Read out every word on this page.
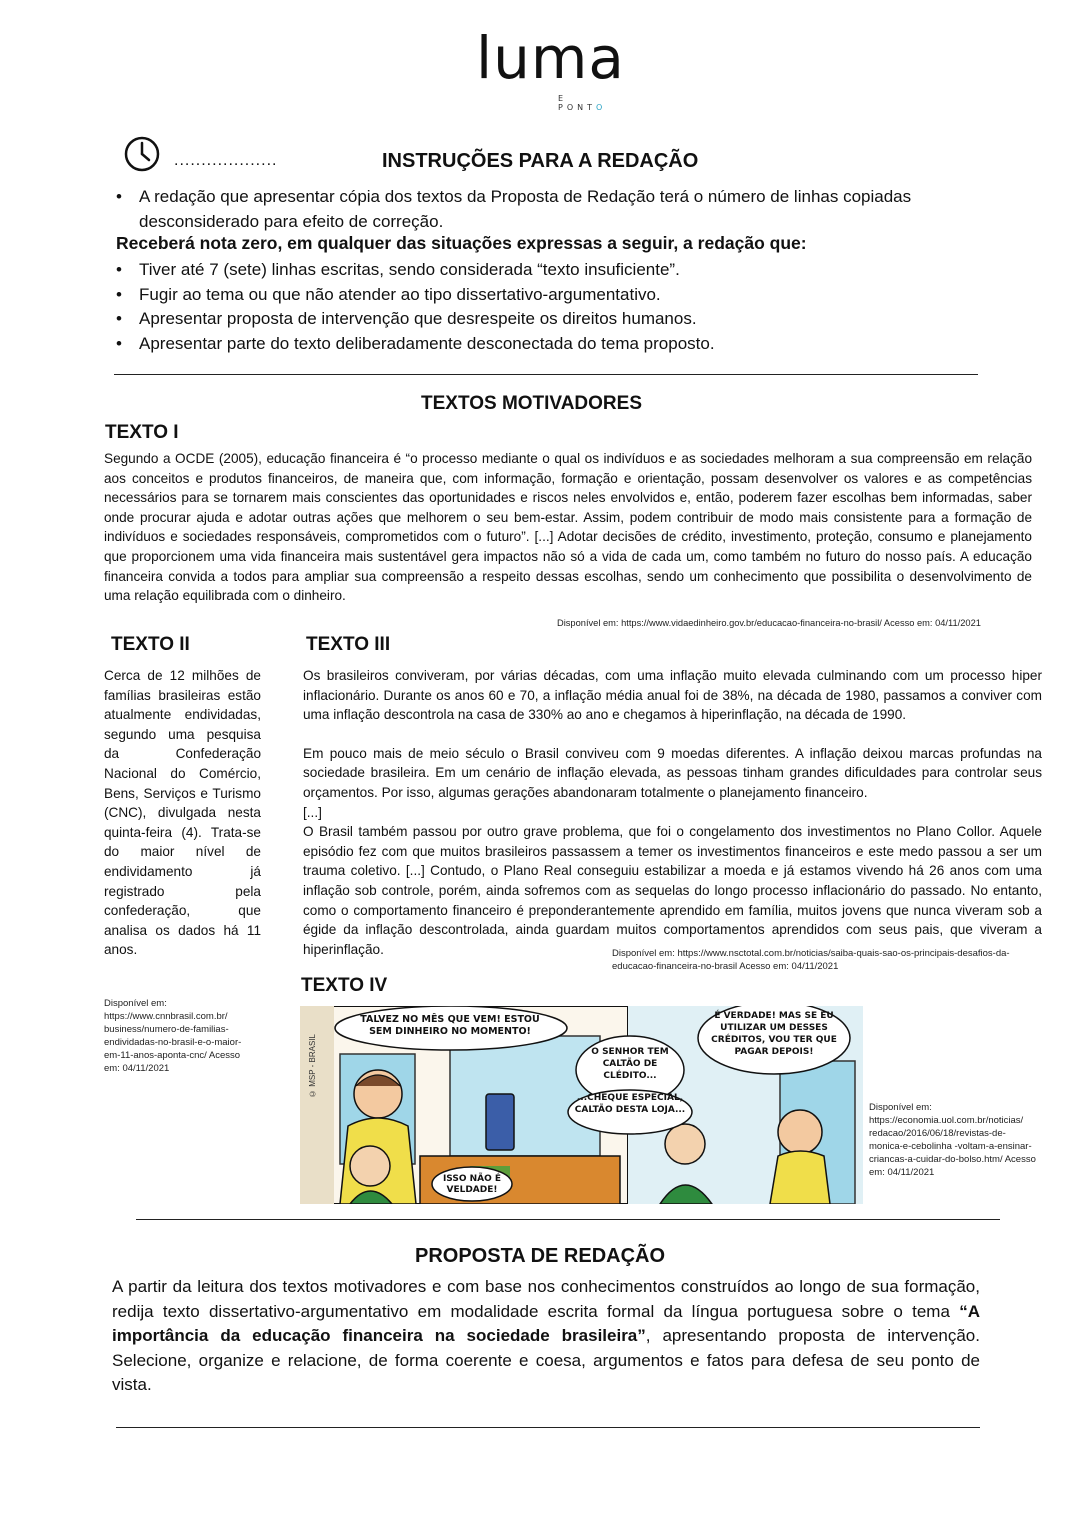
luma
E PONTO
...................	INSTRUÇÕES PARA A REDAÇÃO
• A redação que apresentar cópia dos textos da Proposta de Redação terá o número de linhas copiadas desconsiderado para efeito de correção.
Receberá nota zero, em qualquer das situações expressas a seguir, a redação que:
• Tiver até 7 (sete) linhas escritas, sendo considerada “texto insuficiente”.
• Fugir ao tema ou que não atender ao tipo dissertativo-argumentativo.
• Apresentar proposta de intervenção que desrespeite os direitos humanos.
• Apresentar parte do texto deliberadamente desconectada do tema proposto.
TEXTOS MOTIVADORES
TEXTO I
Segundo a OCDE (2005), educação financeira é “o processo mediante o qual os indivíduos e as sociedades melhoram a sua compreensão em relação aos conceitos e produtos financeiros, de maneira que, com informação, formação e orientação, possam desenvolver os valores e as competências necessários para se tornarem mais conscientes das oportunidades e riscos neles envolvidos e, então, poderem fazer escolhas bem informadas, saber onde procurar ajuda e adotar outras ações que melhorem o seu bem-estar. Assim, podem contribuir de modo mais consistente para a formação de indivíduos e sociedades responsáveis, comprometidos com o futuro”. [...] Adotar decisões de crédito, investimento, proteção, consumo e planejamento que proporcionem uma vida financeira mais sustentável gera impactos não só a vida de cada um, como também no futuro do nosso país. A educação financeira convida a todos para ampliar sua compreensão a respeito dessas escolhas, sendo um conhecimento que possibilita o desenvolvimento de uma relação equilibrada com o dinheiro.
Disponível em: https://www.vidaedinheiro.gov.br/educacao-financeira-no-brasil/ Acesso em: 04/11/2021
TEXTO II
Cerca de 12 milhões de famílias brasileiras estão atualmente endividadas, segundo uma pesquisa da Confederação Nacional do Comércio, Bens, Serviços e Turismo (CNC), divulgada nesta quinta-feira (4). Trata-se do maior nível de endividamento já registrado pela confederação, que analisa os dados há 11 anos.
Disponível em: https://www.cnnbrasil.com.br/ business/numero-de-familias-endividadas-no-brasil-e-o-maior-em-11-anos-aponta-cnc/ Acesso em: 04/11/2021
TEXTO III
Os brasileiros conviveram, por várias décadas, com uma inflação muito elevada culminando com um processo hiper inflacionário. Durante os anos 60 e 70, a inflação média anual foi de 38%, na década de 1980, passamos a conviver com uma inflação descontrola na casa de 330% ao ano e chegamos à hiperinflação, na década de 1990.
Em pouco mais de meio século o Brasil conviveu com 9 moedas diferentes. A inflação deixou marcas profundas na sociedade brasileira. Em um cenário de inflação elevada, as pessoas tinham grandes dificuldades para controlar seus orçamentos. Por isso, algumas gerações abandonaram totalmente o planejamento financeiro.
[...]
O Brasil também passou por outro grave problema, que foi o congelamento dos investimentos no Plano Collor. Aquele episódio fez com que muitos brasileiros passassem a temer os investimentos financeiros e este medo passou a ser um trauma coletivo. [...] Contudo, o Plano Real conseguiu estabilizar a moeda e já estamos vivendo há 26 anos com uma inflação sob controle, porém, ainda sofremos com as sequelas do longo processo inflacionário do passado. No entanto, como o comportamento financeiro é preponderantemente aprendido em família, muitos jovens que nunca viveram sob a égide da inflação descontrolada, ainda guardam muitos comportamentos aprendidos com seus pais, que viveram a hiperinflação.	Disponível em: https://www.nsctotal.com.br/noticias/saiba-quais-sao-os-principais-desafios-da-educacao-financeira-no-brasil Acesso em: 04/11/2021
TEXTO IV
© MSP - BRASIL
TALVEZ NO MÊS QUE VEM! ESTOU SEM DINHEIRO NO MOMENTO!
ISSO NÃO É VELDADE!
O SENHOR TEM CALTÃO DE CLÉDITO...
...CHEQUE ESPECIAL, CALTÃO DESTA LOJA...
É VERDADE! MAS SE EU UTILIZAR UM DESSES CRÉDITOS, VOU TER QUE PAGAR DEPOIS!
Disponível em: https://economia.uol.com.br/noticias/ redacao/2016/06/18/revistas-de-monica-e-cebolinha -voltam-a-ensinar-criancas-a-cuidar-do-bolso.htm/ Acesso em: 04/11/2021
PROPOSTA DE REDAÇÃO
A partir da leitura dos textos motivadores e com base nos conhecimentos construídos ao longo de sua formação, redija texto dissertativo-argumentativo em modalidade escrita formal da língua portuguesa sobre o tema “A importância da educação financeira na sociedade brasileira”, apresentando proposta de intervenção. Selecione, organize e relacione, de forma coerente e coesa, argumentos e fatos para defesa de seu ponto de vista.
